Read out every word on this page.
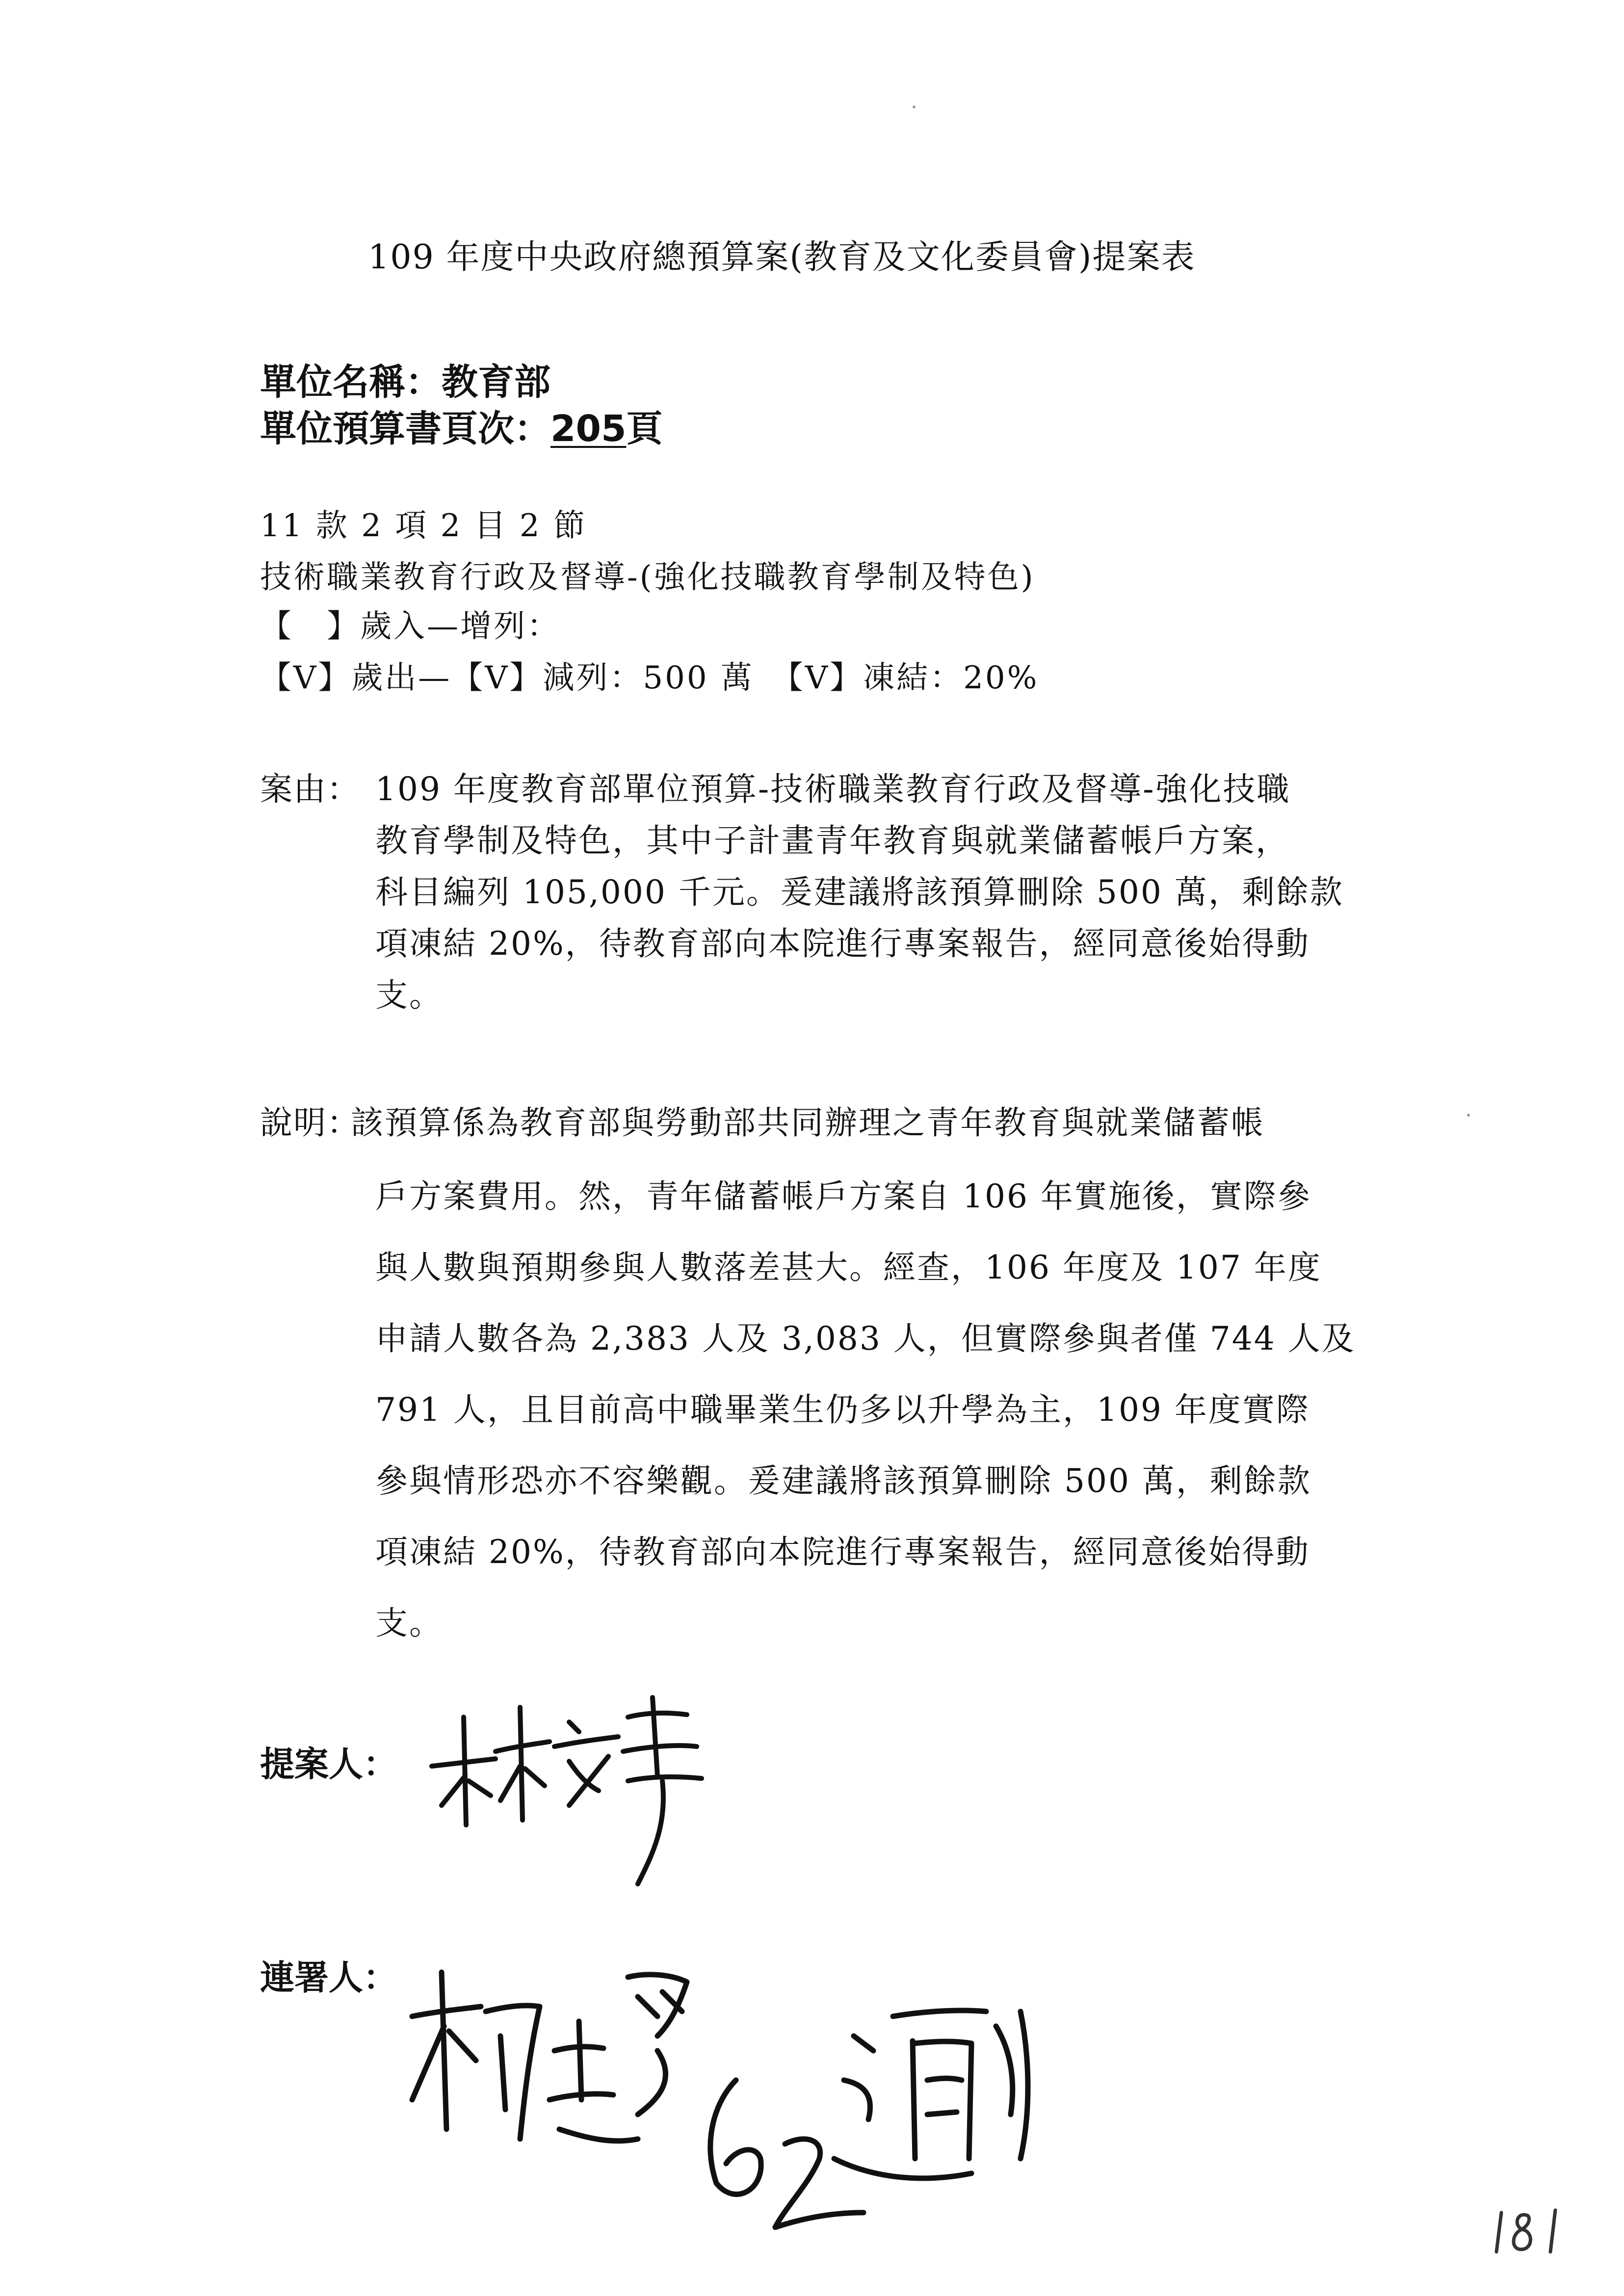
109 年度中央政府總預算案(教育及文化委員會)提案表
單位名稱：教育部
單位預算書頁次：205頁
11 款 2 項 2 目 2 節
技術職業教育行政及督導-(強化技職教育學制及特色)
【　】歲入—增列：
【V】歲出—【V】減列：500 萬　【V】凍結：20%
案由： 109 年度教育部單位預算-技術職業教育行政及督導-強化技職
教育學制及特色，其中子計畫青年教育與就業儲蓄帳戶方案，
科目編列 105,000 千元。爰建議將該預算刪除 500 萬，剩餘款
項凍結 20%，待教育部向本院進行專案報告，經同意後始得動
支。
說明：
該預算係為教育部與勞動部共同辦理之青年教育與就業儲蓄帳
戶方案費用。然，青年儲蓄帳戶方案自 106 年實施後，實際參
與人數與預期參與人數落差甚大。經查，106 年度及 107 年度
申請人數各為 2,383 人及 3,083 人，但實際參與者僅 744 人及
791 人，且目前高中職畢業生仍多以升學為主，109 年度實際
參與情形恐亦不容樂觀。爰建議將該預算刪除 500 萬，剩餘款
項凍結 20%，待教育部向本院進行專案報告，經同意後始得動
支。
提案人：
連署人：
181
